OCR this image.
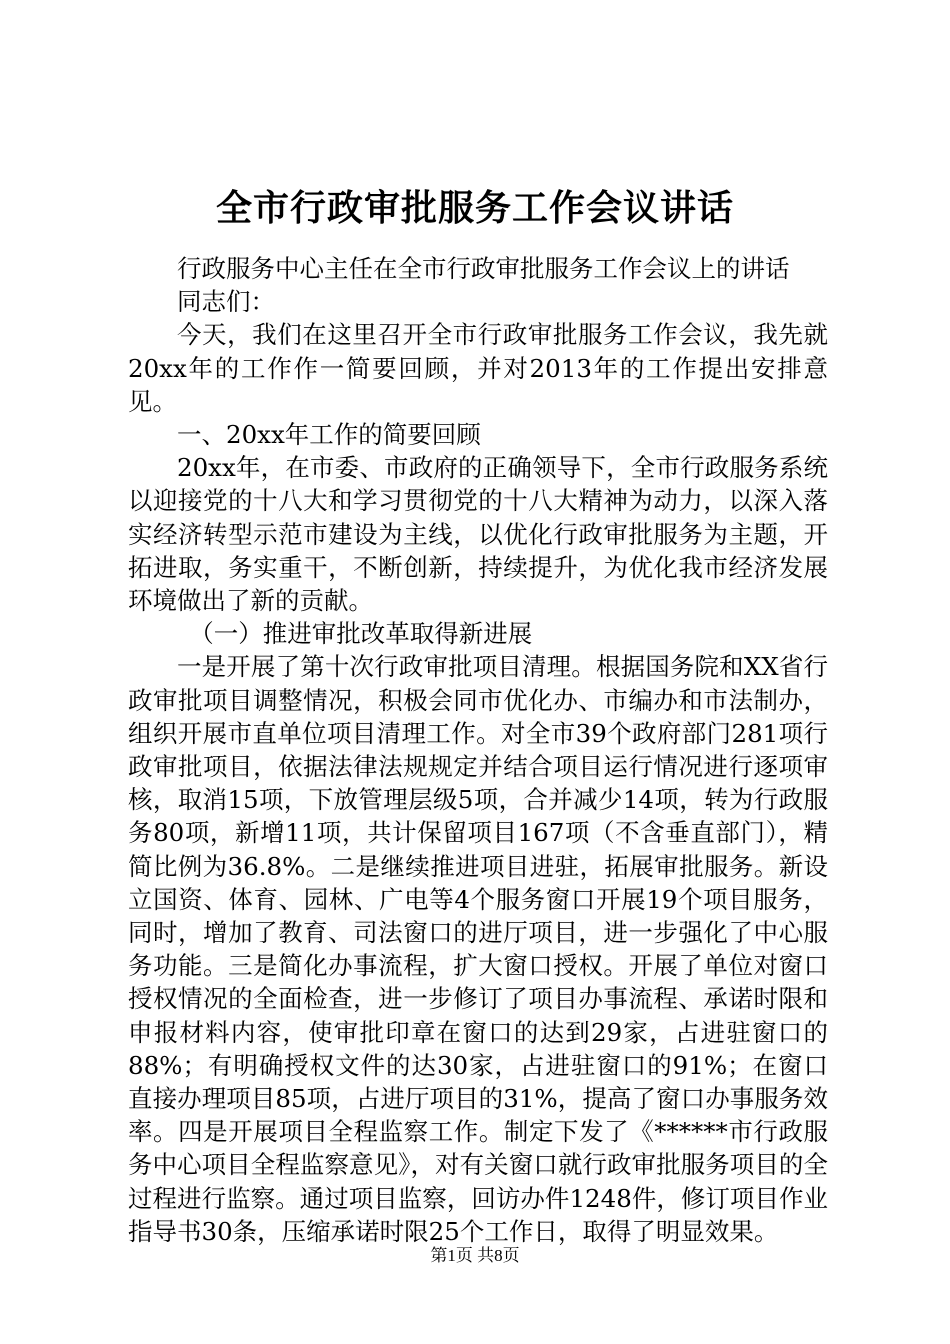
全市行政审批服务工作会议讲话

行政服务中心主任在全市行政审批服务工作会议上的讲话

同志们：

今天，我们在这里召开全市行政审批服务工作会议，我先就20xx年的工作作一简要回顾，并对2013年的工作提出安排意见。

一、20xx年工作的简要回顾

20xx年，在市委、市政府的正确领导下，全市行政服务系统以迎接党的十八大和学习贯彻党的十八大精神为动力，以深入落实经济转型示范市建设为主线，以优化行政审批服务为主题，开拓进取，务实重干，不断创新，持续提升，为优化我市经济发展环境做出了新的贡献。

（一）推进审批改革取得新进展

一是开展了第十次行政审批项目清理。根据国务院和XX省行政审批项目调整情况，积极会同市优化办、市编办和市法制办，组织开展市直单位项目清理工作。对全市39个政府部门281项行政审批项目，依据法律法规规定并结合项目运行情况进行逐项审核，取消15项，下放管理层级5项，合并减少14项，转为行政服务80项，新增11项，共计保留项目167项（不含垂直部门），精简比例为36.8%。二是继续推进项目进驻，拓展审批服务。新设立国资、体育、园林、广电等4个服务窗口开展19个项目服务，同时，增加了教育、司法窗口的进厅项目，进一步强化了中心服务功能。三是简化办事流程，扩大窗口授权。开展了单位对窗口授权情况的全面检查，进一步修订了项目办事流程、承诺时限和申报材料内容，使审批印章在窗口的达到29家，占进驻窗口的88%；有明确授权文件的达30家，占进驻窗口的91%；在窗口直接办理项目85项，占进厅项目的31%，提高了窗口办事服务效率。四是开展项目全程监察工作。制定下发了《******市行政服务中心项目全程监察意见》，对有关窗口就行政审批服务项目的全过程进行监察。通过项目监察，回访办件1248件，修订项目作业指导书30条，压缩承诺时限25个工作日，取得了明显效果。

第1页 共8页
